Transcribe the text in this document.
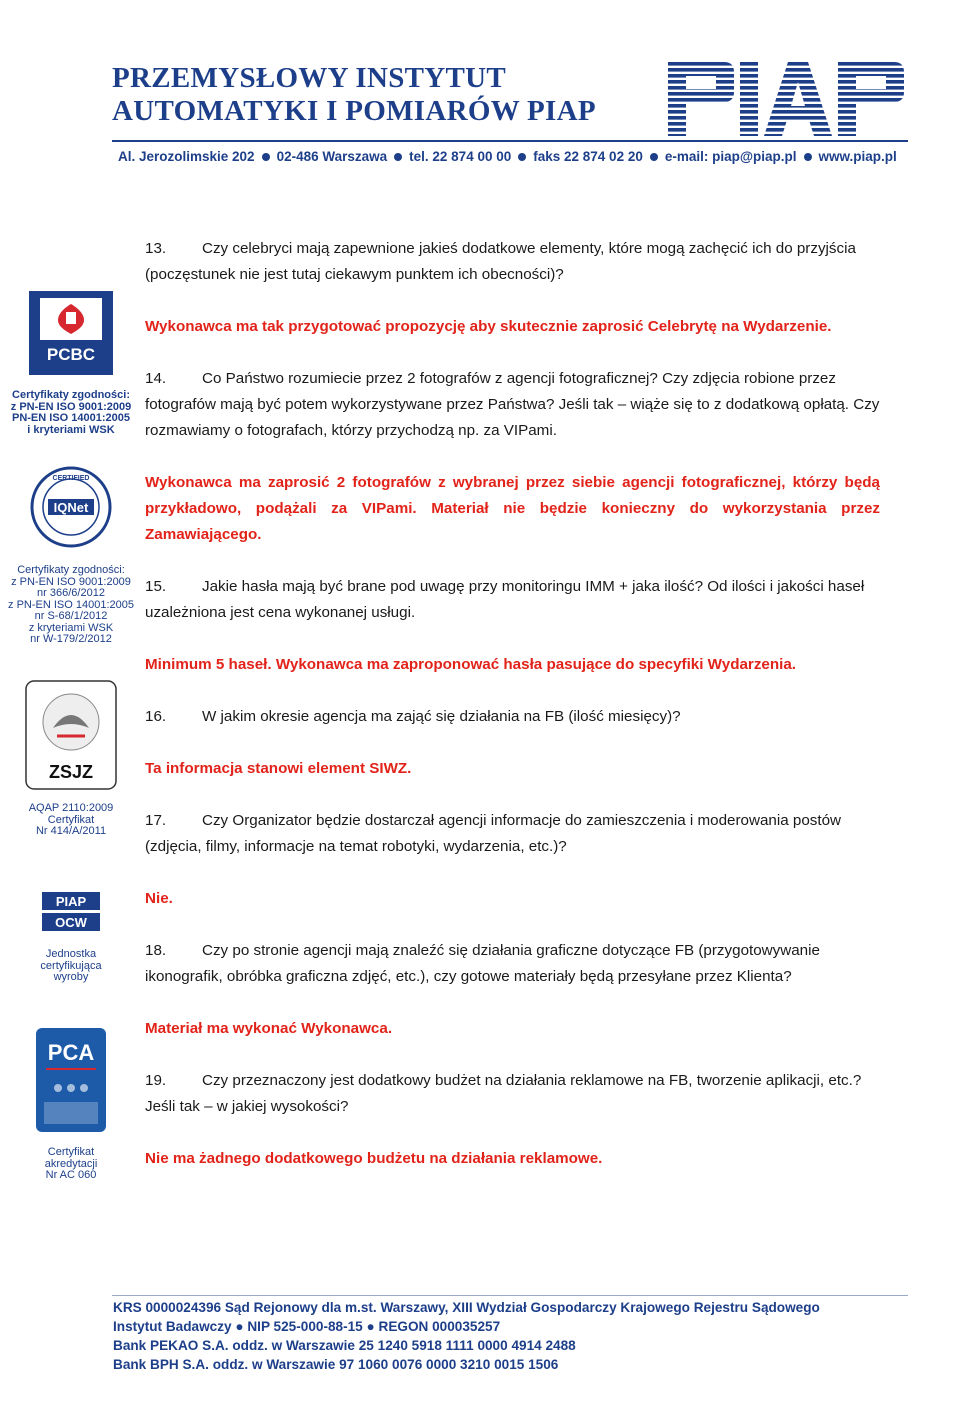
PRZEMYSŁOWY INSTYTUT
AUTOMATYKI I POMIARÓW PIAP
Al. Jerozolimskie 202 02-486 Warszawa tel. 22 874 00 00 faks 22 874 02 20 e-mail: piap@piap.pl www.piap.pl
PCBC
Certyfikaty zgodności:
z PN-EN ISO 9001:2009
PN-EN ISO 14001:2005
i kryteriami WSK
IQNet
CERTIFIED
Certyfikaty zgodności:
z PN-EN ISO 9001:2009
nr 366/6/2012
z PN-EN ISO 14001:2005
nr S-68/1/2012
z kryteriami WSK
nr W-179/2/2012
ZSJZ
AQAP 2110:2009
Certyfikat
Nr 414/A/2011
PIAP
OCW
Jednostka
certyfikująca
wyroby
PCA
Certyfikat
akredytacji
Nr AC 060

13. Czy celebryci mają zapewnione jakieś dodatkowe elementy, które mogą zachęcić ich do przyjścia (poczęstunek nie jest tutaj ciekawym punktem ich obecności)?

Wykonawca ma tak przygotować propozycję aby skutecznie zaprosić Celebrytę na Wydarzenie.

14. Co Państwo rozumiecie przez 2 fotografów z agencji fotograficznej? Czy zdjęcia robione przez fotografów mają być potem wykorzystywane przez Państwa? Jeśli tak – wiąże się to z dodatkową opłatą. Czy rozmawiamy o fotografach, którzy przychodzą np. za VIPami.

Wykonawca ma zaprosić 2 fotografów z wybranej przez siebie agencji fotograficznej, którzy będą przykładowo, podążali za VIPami. Materiał nie będzie konieczny do wykorzystania przez Zamawiającego.

15. Jakie hasła mają być brane pod uwagę przy monitoringu IMM + jaka ilość? Od ilości i jakości haseł uzależniona jest cena wykonanej usługi.

Minimum 5 haseł. Wykonawca ma zaproponować hasła pasujące do specyfiki Wydarzenia.

16. W jakim okresie agencja ma zająć się działania na FB (ilość miesięcy)?

Ta informacja stanowi element SIWZ.

17. Czy Organizator będzie dostarczał agencji informacje do zamieszczenia i moderowania postów (zdjęcia, filmy, informacje na temat robotyki, wydarzenia, etc.)?

Nie.

18. Czy po stronie agencji mają znaleźć się działania graficzne dotyczące FB (przygotowywanie ikonografik, obróbka graficzna zdjęć, etc.), czy gotowe materiały będą przesyłane przez Klienta?

Materiał ma wykonać Wykonawca.

19. Czy przeznaczony jest dodatkowy budżet na działania reklamowe na FB, tworzenie aplikacji, etc.? Jeśli tak – w jakiej wysokości?

Nie ma żadnego dodatkowego budżetu na działania reklamowe.

KRS 0000024396 Sąd Rejonowy dla m.st. Warszawy, XIII Wydział Gospodarczy Krajowego Rejestru Sądowego
Instytut Badawczy ● NIP 525-000-88-15 ● REGON 000035257
Bank PEKAO S.A. oddz. w Warszawie 25 1240 5918 1111 0000 4914 2488
Bank BPH S.A. oddz. w Warszawie 97 1060 0076 0000 3210 0015 1506
